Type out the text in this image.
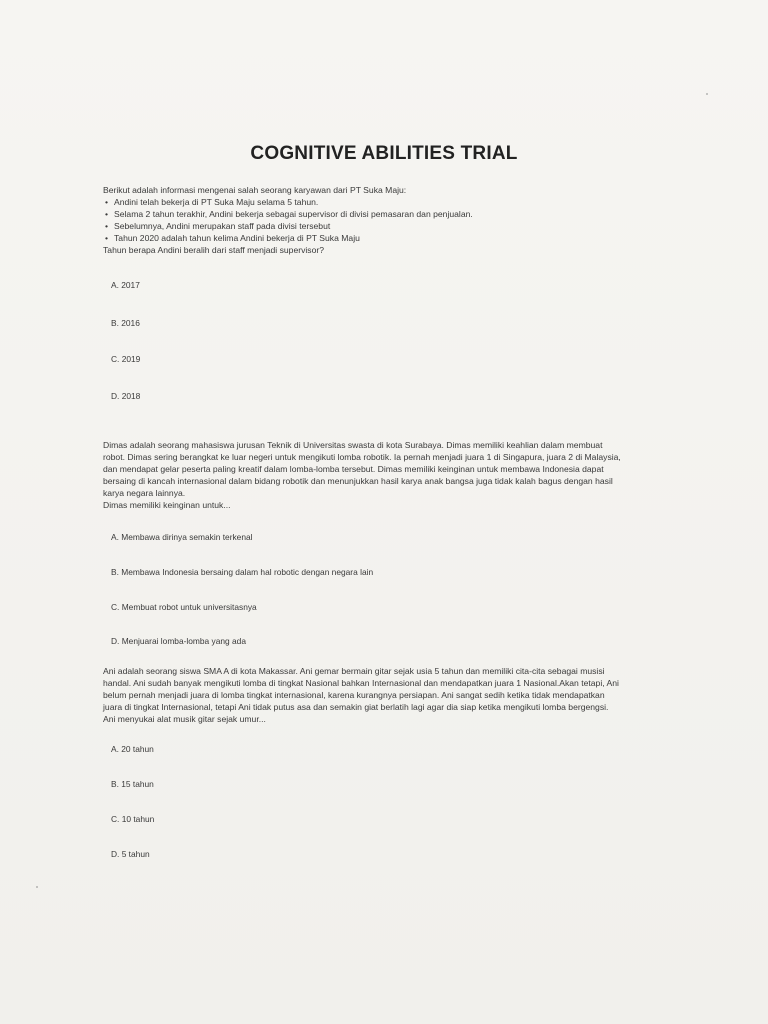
COGNITIVE ABILITIES TRIAL

Berikut adalah informasi mengenai salah seorang karyawan dari PT Suka Maju:

• Andini telah bekerja di PT Suka Maju selama 5 tahun.
• Selama 2 tahun terakhir, Andini bekerja sebagai supervisor di divisi pemasaran dan penjualan.
• Sebelumnya, Andini merupakan staff pada divisi tersebut
• Tahun 2020 adalah tahun kelima Andini bekerja di PT Suka Maju

Tahun berapa Andini beralih dari staff menjadi supervisor?

A. 2017
B. 2016
C. 2019
D. 2018

Dimas adalah seorang mahasiswa jurusan Teknik di Universitas swasta di kota Surabaya. Dimas memiliki keahlian dalam membuat

robot. Dimas sering berangkat ke luar negeri untuk mengikuti lomba robotik. Ia pernah menjadi juara 1 di Singapura, juara 2 di Malaysia,

dan mendapat gelar peserta paling kreatif dalam lomba-lomba tersebut. Dimas memiliki keinginan untuk membawa Indonesia dapat

bersaing di kancah internasional dalam bidang robotik dan menunjukkan hasil karya anak bangsa juga tidak kalah bagus dengan hasil

karya negara lainnya.

Dimas memiliki keinginan untuk...

A. Membawa dirinya semakin terkenal
B. Membawa Indonesia bersaing dalam hal robotic dengan negara lain
C. Membuat robot untuk universitasnya
D. Menjuarai lomba-lomba yang ada

Ani adalah seorang siswa SMA A di kota Makassar. Ani gemar bermain gitar sejak usia 5 tahun dan memiliki cita-cita sebagai musisi

handal. Ani sudah banyak mengikuti lomba di tingkat Nasional bahkan Internasional dan mendapatkan juara 1 Nasional.Akan tetapi, Ani

belum pernah menjadi juara di lomba tingkat internasional, karena kurangnya persiapan. Ani sangat sedih ketika tidak mendapatkan

juara di tingkat Internasional, tetapi Ani tidak putus asa dan semakin giat berlatih lagi agar dia siap ketika mengikuti lomba bergengsi.

Ani menyukai alat musik gitar sejak umur...

A. 20 tahun
B. 15 tahun
C. 10 tahun
D. 5 tahun
